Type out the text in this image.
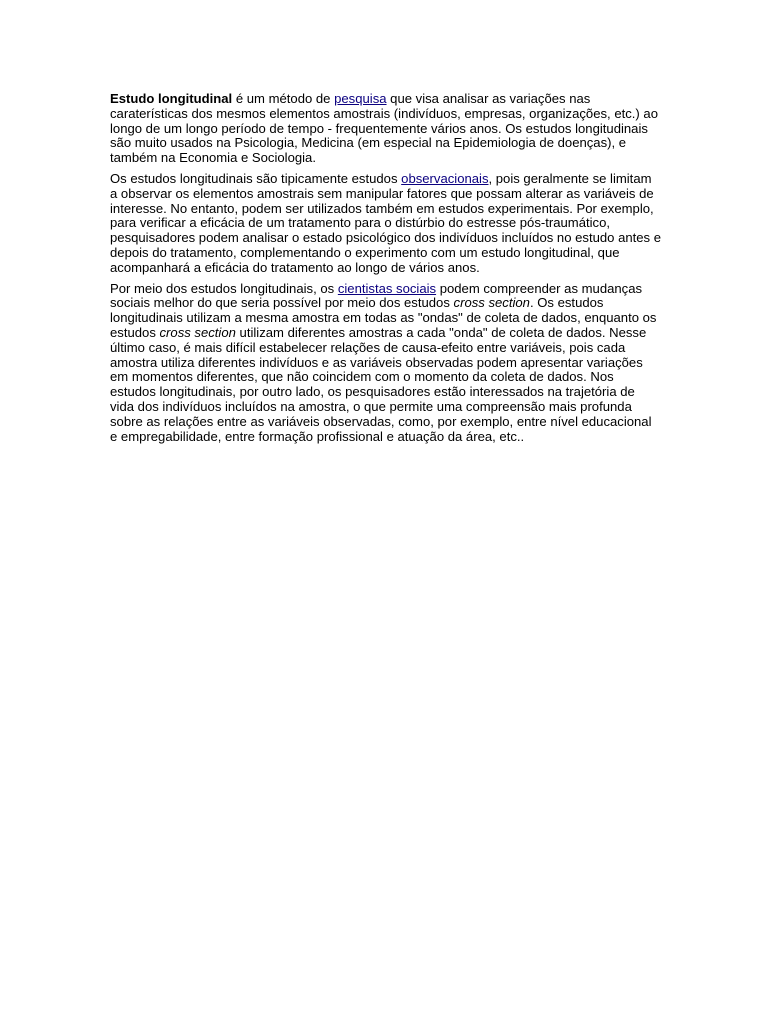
Estudo longitudinal é um método de pesquisa que visa analisar as variações nas caraterísticas dos mesmos elementos amostrais (indivíduos, empresas, organizações, etc.) ao longo de um longo período de tempo - frequentemente vários anos. Os estudos longitudinais são muito usados na Psicologia, Medicina (em especial na Epidemiologia de doenças), e também na Economia e Sociologia.

Os estudos longitudinais são tipicamente estudos observacionais, pois geralmente se limitam a observar os elementos amostrais sem manipular fatores que possam alterar as variáveis de interesse. No entanto, podem ser utilizados também em estudos experimentais. Por exemplo, para verificar a eficácia de um tratamento para o distúrbio do estresse pós-traumático, pesquisadores podem analisar o estado psicológico dos indivíduos incluídos no estudo antes e depois do tratamento, complementando o experimento com um estudo longitudinal, que acompanhará a eficácia do tratamento ao longo de vários anos.

Por meio dos estudos longitudinais, os cientistas sociais podem compreender as mudanças sociais melhor do que seria possível por meio dos estudos cross section. Os estudos longitudinais utilizam a mesma amostra em todas as "ondas" de coleta de dados, enquanto os estudos cross section utilizam diferentes amostras a cada "onda" de coleta de dados. Nesse último caso, é mais difícil estabelecer relações de causa-efeito entre variáveis, pois cada amostra utiliza diferentes indivíduos e as variáveis observadas podem apresentar variações em momentos diferentes, que não coincidem com o momento da coleta de dados. Nos estudos longitudinais, por outro lado, os pesquisadores estão interessados na trajetória de vida dos indivíduos incluídos na amostra, o que permite uma compreensão mais profunda sobre as relações entre as variáveis observadas, como, por exemplo, entre nível educacional e empregabilidade, entre formação profissional e atuação da área, etc..
